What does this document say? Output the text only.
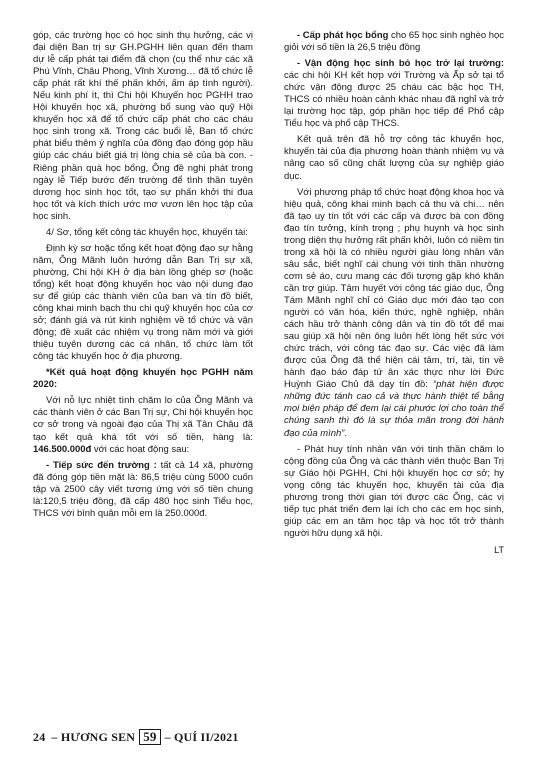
góp, các trường học có học sinh thụ hưởng, các vị đại diện Ban trị sự GH.PGHH liên quan đến tham dự lễ cấp phát tại điểm đã chọn (cụ thể như các xã Phú Vĩnh, Châu Phong, Vĩnh Xương… đã tổ chức lễ cấp phát rất khí thế phấn khởi, ấm áp tình người). Nếu kinh phí ít, thì Chi hội Khuyến học PGHH trao Hội khuyến học xã, phường bổ sung vào quỹ Hội khuyến học xã để tổ chức cấp phát cho các cháu học sinh trong xã. Trong các buổi lễ, Ban tổ chức phát biểu thêm ý nghĩa của đồng đạo đóng góp hầu giúp các cháu biết giá trị lòng chia sẻ của bà con. - Riêng phần quà học bổng, Ông đề nghị phát trong ngày lễ Tiếp bước đến trường để tình thần tuyên dương học sinh học tốt, tạo sự phấn khởi thi đua học tốt và kích thích ước mơ vươn lên học tập của học sinh.

4/ Sơ, tổng kết công tác khuyến học, khuyến tài:

Định kỳ sơ hoặc tổng kết hoạt động đạo sự hằng năm, Ông Mãnh luôn hướng dẫn Ban Trị sự xã, phường, Chi hội KH ở địa bàn lồng ghép sơ (hoặc tổng) kết hoạt động khuyến học vào nội dung đạo sự để giúp các thành viên của ban và tín đồ biết, công khai minh bạch thu chi quỹ khuyến học của cơ sở; đánh giá và rút kinh nghiệm về tổ chức và vận động; đề xuất các nhiệm vụ trong năm mới và giới thiệu tuyên dương các cá nhân, tổ chức làm tốt công tác khuyến học ở địa phương.

*Kết quả hoạt động khuyến học PGHH năm 2020:

Với nỗ lực nhiệt tình chăm lo của Ông Mãnh và các thành viên ở các Ban Trị sự, Chi hội khuyến học cơ sở trong và ngoài đạo của Thị xã Tân Châu đã tạo kết quả khá tốt với số tiền, hàng là: 146.500.000đ với các hoạt động sau:

- Tiếp sức đến trường : tất cả 14 xã, phường đã đóng góp tiền mặt là: 86,5 triệu cùng 5000 cuốn tập và 2500 cây viết tương ứng với số tiền chung là:120,5 triệu đồng, đã cấp 480 học sinh Tiểu học, THCS với bình quân mỗi em là 250.000đ.

- Cấp phát học bổng cho 65 học sinh nghèo học giỏi với số tiền là 26,5 triệu đồng

- Vận động học sinh bỏ học trở lại trường: các chi hội KH kết hợp với Trường và Ấp sở tại tổ chức vận động được 25 cháu các bậc học TH, THCS có nhiều hoàn cảnh khác nhau đã nghỉ và trở lại trường học tập, góp phần học tiếp để Phổ cập Tiểu học và phổ cập THCS.

Kết quả trên đã hỗ trợ công tác khuyến học, khuyến tài của địa phương hoàn thành nhiệm vụ và nâng cao số cũng chất lượng của sự nghiệp giáo dục.

Với phương pháp tổ chức hoạt động khoa học và hiệu quả, công khai minh bạch cả thu và chi… nên đã tạo uy tín tốt với các cấp và được bà con đồng đạo tín tưởng, kính trọng ; phụ huynh và học sinh trong diện thụ hưởng rất phấn khởi, luôn có niềm tin trong xã hội là có nhiều người giàu lòng nhân văn sâu sắc, biết nghĩ cái chung với tinh thần nhường cơm sẻ áo, cưu mang các đối tượng gặp khó khăn cần trợ giúp. Tâm huyết với công tác giáo dục, Ông Tám Mãnh nghĩ chỉ có Giáo dục mới đào tạo con người có văn hóa, kiến thức, nghề nghiệp, nhân cách hầu trở thành công dân và tín đồ tốt để mai sau giúp xã hội nên ông luôn hết lòng hết sức với chức trách, với công tác đạo sự. Các việc đã làm được của Ông đã thể hiện cái tâm, trí, tài, tín về hành đạo báo đáp tứ ân xác thực như lời Đức Huỳnh Giáo Chủ đã dạy tín đồ: “phát hiện được những đức tánh cao cả và thực hành thiệt tế bằng mọi biện pháp để đem lại cái phước lợi cho toàn thể chúng sanh thì đó là sự thỏa mãn trong đời hành đạo của mình”.

- Phát huy tính nhân văn với tinh thần chăm lo cộng đồng của Ông và các thành viên thuộc Ban Trị sự Giáo hội PGHH, Chi hội khuyến học cơ sở; hy vọng công tác khuyến học, khuyến tài của địa phương trong thời gian tới được các Ông, các vị tiếp tục phát triển đem lại ích cho các em học sinh, giúp các em an tâm học tập và học tốt trở thành người hữu dụng xã hội.

LT
24 –
HƯƠNG SEN 59 –
QUÍ II/2021
